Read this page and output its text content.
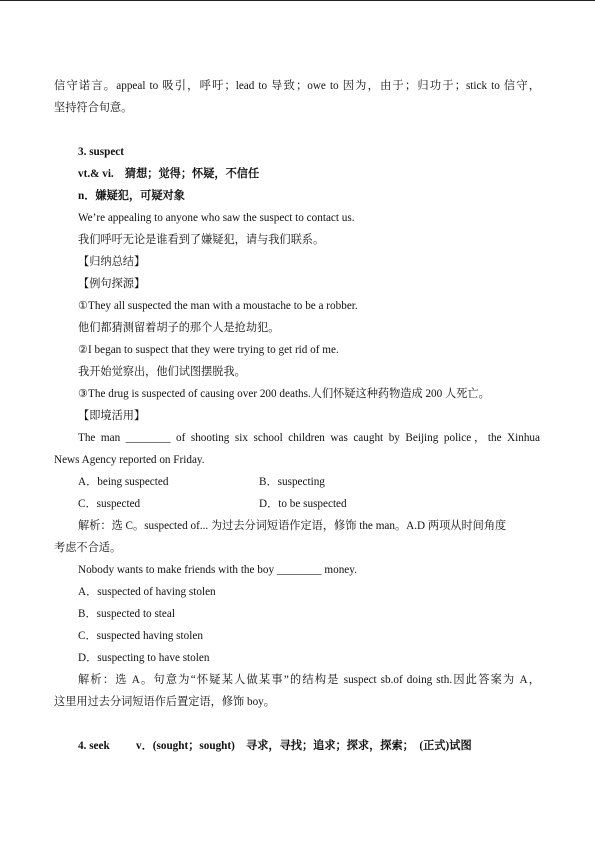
信守诺言。appeal to 吸引，呼吁；lead to 导致；owe to 因为，由于；归功于；stick to 信守，
坚持符合旬意。
3. suspect
vt.& vi.　猜想；觉得；怀疑，不信任
n．嫌疑犯，可疑对象
We’re appealing to anyone who saw the suspect to contact us.
我们呼吁无论是谁看到了嫌疑犯，请与我们联系。
【归纳总结】
【例句探源】
①They all suspected the man with a moustache to be a robber.
他们都猜测留着胡子的那个人是抢劫犯。
②I began to suspect that they were trying to get rid of me.
我开始觉察出，他们试图摆脱我。
③The drug is suspected of causing over 200 deaths.人们怀疑这种药物造成 200 人死亡。
【即境活用】
The man ________ of shooting six school children was caught by Beijing police，the Xinhua
News Agency reported on Friday.
A．being suspected	B．suspecting
C．suspected	D．to be suspected
解析：选 C。suspected of... 为过去分词短语作定语，修饰 the man。A.D 两项从时间角度
考虑不合适。
Nobody wants to make friends with the boy ________ money.
A．suspected of having stolen
B．suspected to steal
C．suspected having stolen
D．suspecting to have stolen
解析：选 A。句意为“怀疑某人做某事”的结构是 suspect sb.of doing sth.因此答案为 A，
这里用过去分词短语作后置定语，修饰 boy。
4. seek v．(sought；sought)　寻求，寻找；追求；探求，探索；　(正式)试图
